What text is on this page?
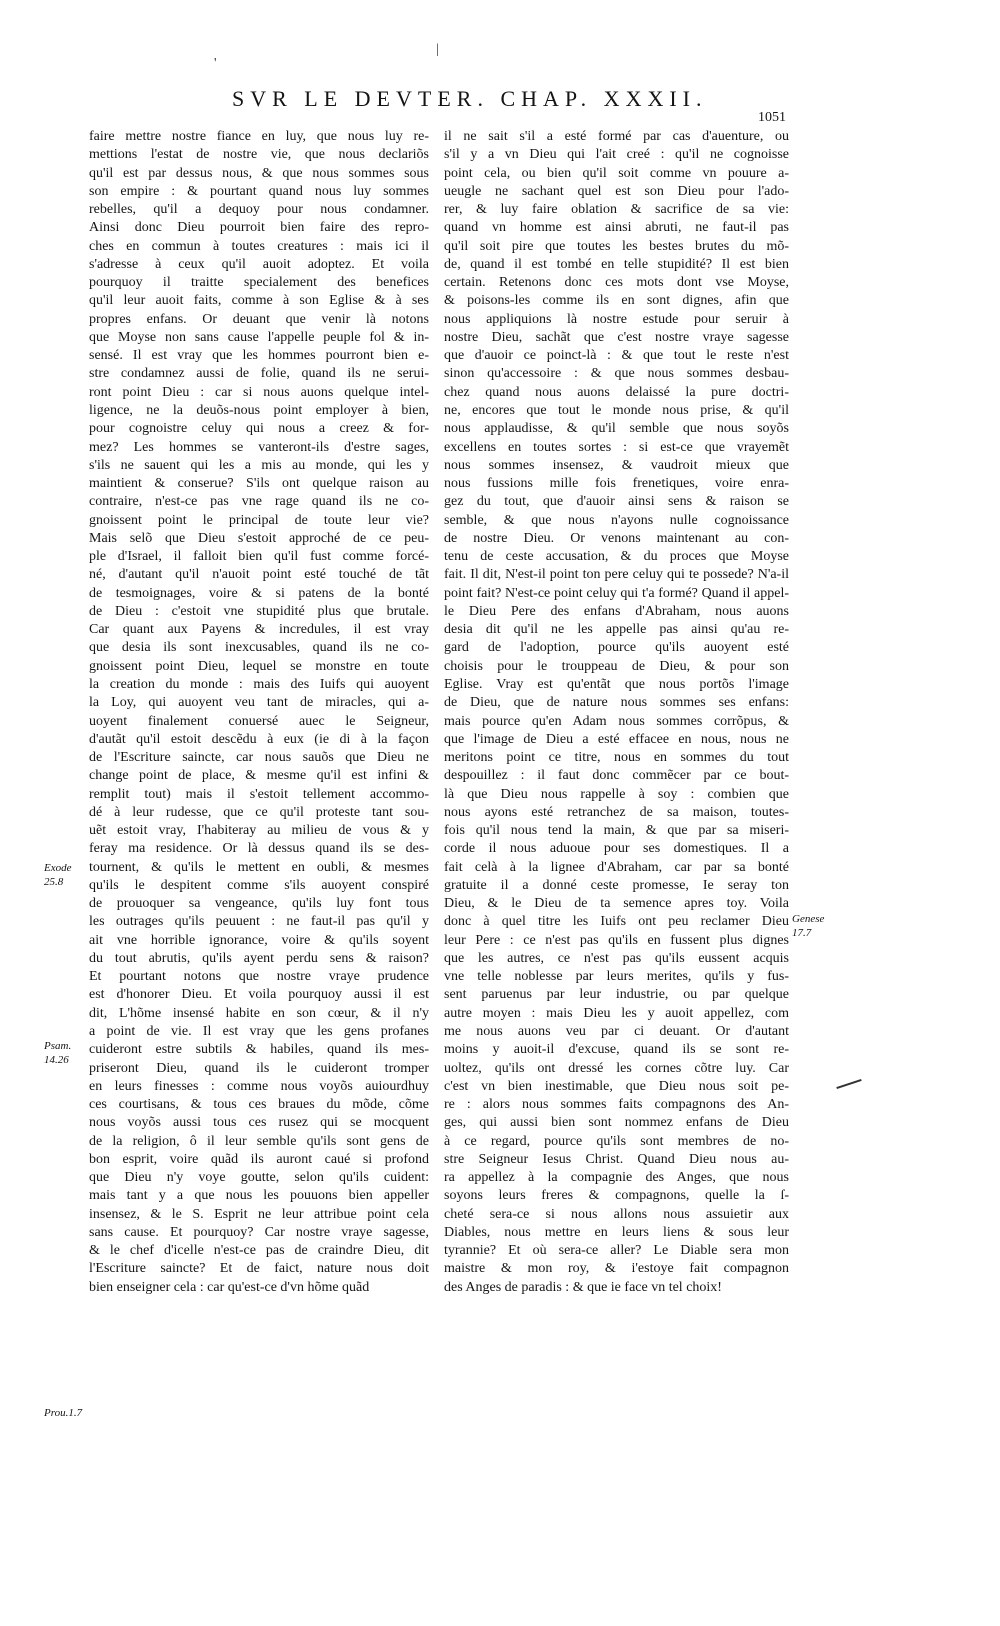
SVR LE DEVTER. CHAP. XXXII.
1051
'
|
faire mettre nostre fiance en luy, que nous luy re-
mettions l'estat de nostre vie, que nous declariõs
qu'il est par dessus nous, & que nous sommes sous
son empire : & pourtant quand nous luy sommes
rebelles, qu'il a dequoy pour nous condamner.
Ainsi donc Dieu pourroit bien faire des repro-
ches en commun à toutes creatures : mais ici il
s'adresse à ceux qu'il auoit adoptez. Et voila
pourquoy il traitte specialement des benefices
qu'il leur auoit faits, comme à son Eglise & à ses
propres enfans. Or deuant que venir là notons
que Moyse non sans cause l'appelle peuple fol & in-
sensé. Il est vray que les hommes pourront bien e-
stre condamnez aussi de folie, quand ils ne serui-
ront point Dieu : car si nous auons quelque intel-
ligence, ne la deuõs-nous point employer à bien,
pour cognoistre celuy qui nous a creez & for-
mez? Les hommes se vanteront-ils d'estre sages,
s'ils ne sauent qui les a mis au monde, qui les y
maintient & conserue? S'ils ont quelque raison au
contraire, n'est-ce pas vne rage quand ils ne co-
gnoissent point le principal de toute leur vie?
Mais selõ que Dieu s'estoit approché de ce peu-
ple d'Israel, il falloit bien qu'il fust comme forcé-
né, d'autant qu'il n'auoit point esté touché de tãt
de tesmoignages, voire & si patens de la bonté
de Dieu : c'estoit vne stupidité plus que brutale.
Car quant aux Payens & incredules, il est vray
que desia ils sont inexcusables, quand ils ne co-
gnoissent point Dieu, lequel se monstre en toute
la creation du monde : mais des Iuifs qui auoyent
la Loy, qui auoyent veu tant de miracles, qui a-
uoyent finalement conuersé auec le Seigneur,
d'autãt qu'il estoit descẽdu à eux (ie di à la façon
de l'Escriture saincte, car nous sauõs que Dieu ne
change point de place, & mesme qu'il est infini &
remplit tout) mais il s'estoit tellement accommo-
dé à leur rudesse, que ce qu'il proteste tant sou-
uẽt estoit vray, I'habiteray au milieu de vous & y
feray ma residence. Or là dessus quand ils se des-
tournent, & qu'ils le mettent en oubli, & mesmes
qu'ils le despitent comme s'ils auoyent conspiré
de prouoquer sa vengeance, qu'ils luy font tous
les outrages qu'ils peuuent : ne faut-il pas qu'il y
ait vne horrible ignorance, voire & qu'ils soyent
du tout abrutis, qu'ils ayent perdu sens & raison?
Et pourtant notons que nostre vraye prudence
est d'honorer Dieu. Et voila pourquoy aussi il est
dit, L'hõme insensé habite en son cœur, & il n'y
a point de vie. Il est vray que les gens profanes
cuideront estre subtils & habiles, quand ils mes-
priseront Dieu, quand ils le cuideront tromper
en leurs finesses : comme nous voyõs auiourdhuy
ces courtisans, & tous ces braues du mõde, cõme
nous voyõs aussi tous ces rusez qui se mocquent
de la religion, ô il leur semble qu'ils sont gens de
bon esprit, voire quãd ils auront caué si profond
que Dieu n'y voye goutte, selon qu'ils cuident:
mais tant y a que nous les pouuons bien appeller
insensez, & le S. Esprit ne leur attribue point cela
sans cause. Et pourquoy? Car nostre vraye sagesse,
& le chef d'icelle n'est-ce pas de craindre Dieu, dit
l'Escriture saincte? Et de faict, nature nous doit
bien enseigner cela : car qu'est-ce d'vn hõme quãd
il ne sait s'il a esté formé par cas d'auenture, ou
s'il y a vn Dieu qui l'ait creé : qu'il ne cognoisse
point cela, ou bien qu'il soit comme vn pouure a-
ueugle ne sachant quel est son Dieu pour l'ado-
rer, & luy faire oblation & sacrifice de sa vie:
quand vn homme est ainsi abruti, ne faut-il pas
qu'il soit pire que toutes les bestes brutes du mõ-
de, quand il est tombé en telle stupidité? Il est bien
certain. Retenons donc ces mots dont vse Moyse,
& poisons-les comme ils en sont dignes, afin que
nous appliquions là nostre estude pour seruir à
nostre Dieu, sachãt que c'est nostre vraye sagesse
que d'auoir ce poinct-là : & que tout le reste n'est
sinon qu'accessoire : & que nous sommes desbau-
chez quand nous auons delaissé la pure doctri-
ne, encores que tout le monde nous prise, & qu'il
nous applaudisse, & qu'il semble que nous soyõs
excellens en toutes sortes : si est-ce que vrayemẽt
nous sommes insensez, & vaudroit mieux que
nous fussions mille fois frenetiques, voire enra-
gez du tout, que d'auoir ainsi sens & raison se
semble, & que nous n'ayons nulle cognoissance
de nostre Dieu. Or venons maintenant au con-
tenu de ceste accusation, & du proces que Moyse
fait. Il dit, N'est-il point ton pere celuy qui te possede? N'a-il
point fait? N'est-ce point celuy qui t'a formé? Quand il appel-
le Dieu Pere des enfans d'Abraham, nous auons
desia dit qu'il ne les appelle pas ainsi qu'au re-
gard de l'adoption, pource qu'ils auoyent esté
choisis pour le trouppeau de Dieu, & pour son
Eglise. Vray est qu'entãt que nous portõs l'image
de Dieu, que de nature nous sommes ses enfans:
mais pource qu'en Adam nous sommes corrõpus, &
que l'image de Dieu a esté effacee en nous, nous ne
meritons point ce titre, nous en sommes du tout
despouillez : il faut donc commẽcer par ce bout-
là que Dieu nous rappelle à soy : combien que
nous ayons esté retranchez de sa maison, toutes-
fois qu'il nous tend la main, & que par sa miseri-
corde il nous aduoue pour ses domestiques. Il a
fait celà à la lignee d'Abraham, car par sa bonté
gratuite il a donné ceste promesse, Ie seray ton
Dieu, & le Dieu de ta semence apres toy. Voila
donc à quel titre les Iuifs ont peu reclamer Dieu
leur Pere : ce n'est pas qu'ils en fussent plus dignes
que les autres, ce n'est pas qu'ils eussent acquis
vne telle noblesse par leurs merites, qu'ils y fus-
sent paruenus par leur industrie, ou par quelque
autre moyen : mais Dieu les y auoit appellez, com
me nous auons veu par ci deuant. Or d'autant
moins y auoit-il d'excuse, quand ils se sont re-
uoltez, qu'ils ont dressé les cornes cõtre luy. Car
c'est vn bien inestimable, que Dieu nous soit pe-
re : alors nous sommes faits compagnons des An-
ges, qui aussi bien sont nommez enfans de Dieu
à ce regard, pource qu'ils sont membres de no-
stre Seigneur Iesus Christ. Quand Dieu nous au-
ra appellez à la compagnie des Anges, que nous
soyons leurs freres & compagnons, quelle la ſ-
cheté sera-ce si nous allons nous assuietir aux
Diables, nous mettre en leurs liens & sous leur
tyrannie? Et où sera-ce aller? Le Diable sera mon
maistre & mon roy, & i'estoye fait compagnon
des Anges de paradis : & que ie face vn tel choix!
Exode
25.8
Psam.
14.26
Prou.1.7
Genese
17.7
